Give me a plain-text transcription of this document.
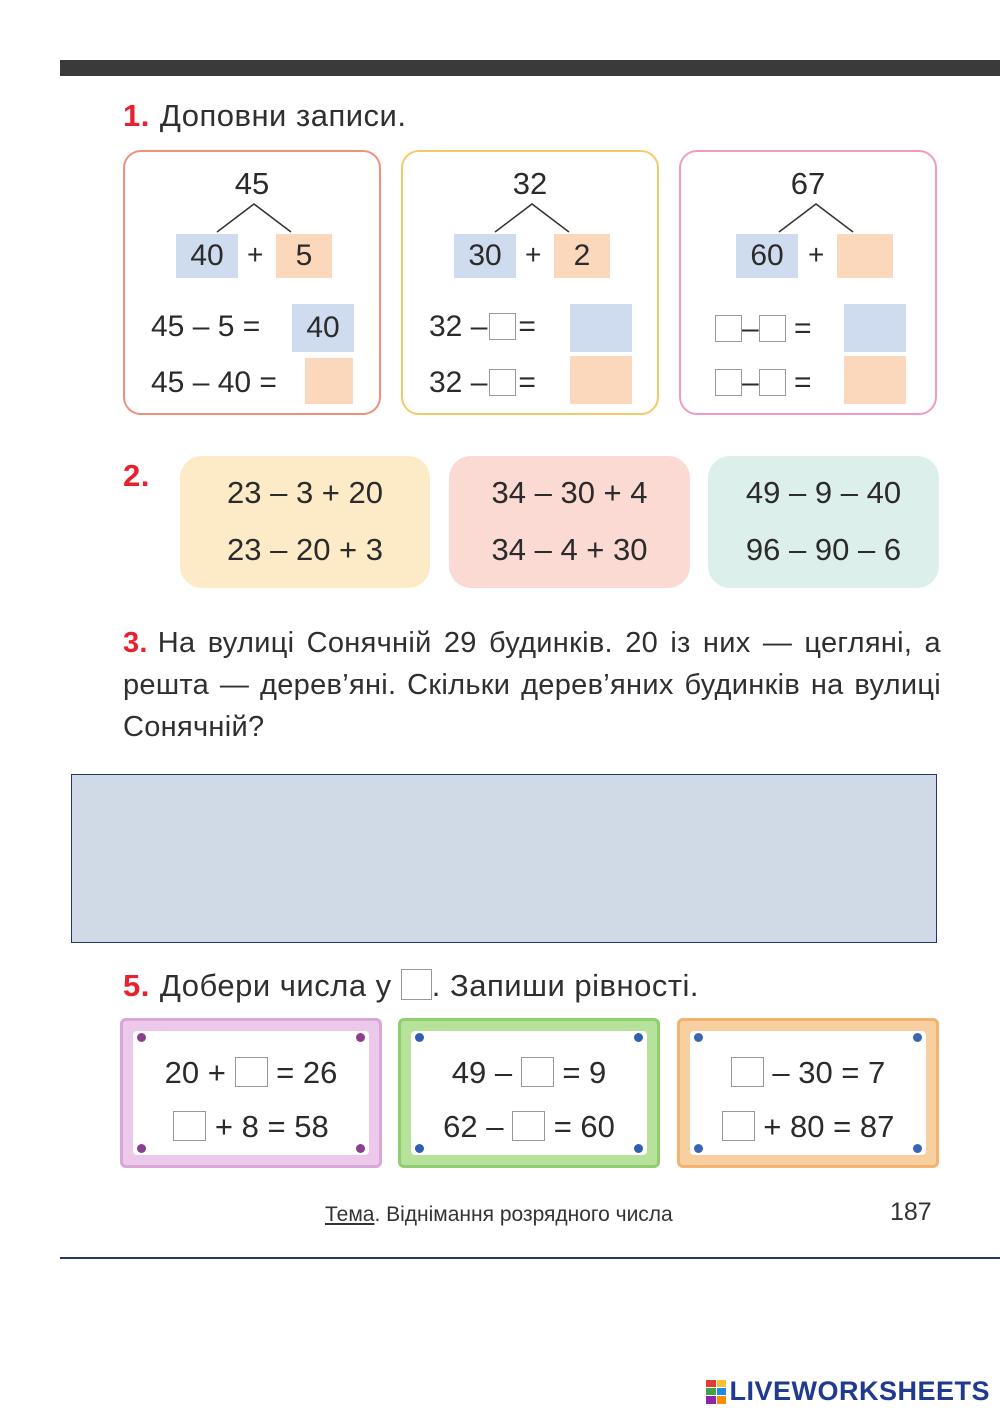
1. Доповни записи.
45
40 +	5
45 – 5 =	40
45 – 40 =
32
30 +	2
32 – =
32 – =
67
60 +
– =
– =
2.	23 – 3 + 20
23 – 20 + 3
34 – 30 + 4
34 – 4 + 30
49 – 9 – 40
96 – 90 – 6
3. На вулиці Сонячній 29 будинків. 20 із них — цегляні, а решта — дерев’яні. Скільки дерев’яних будинків на вулиці Сонячній?
5. Добери числа у . Запиши рівності.
20 + = 26
+ 8 = 58
49 – = 9
62 – = 60
– 30 = 7
+ 80 = 87
Тема. Віднімання розрядного числа	187
LIVEWORKSHEETS
